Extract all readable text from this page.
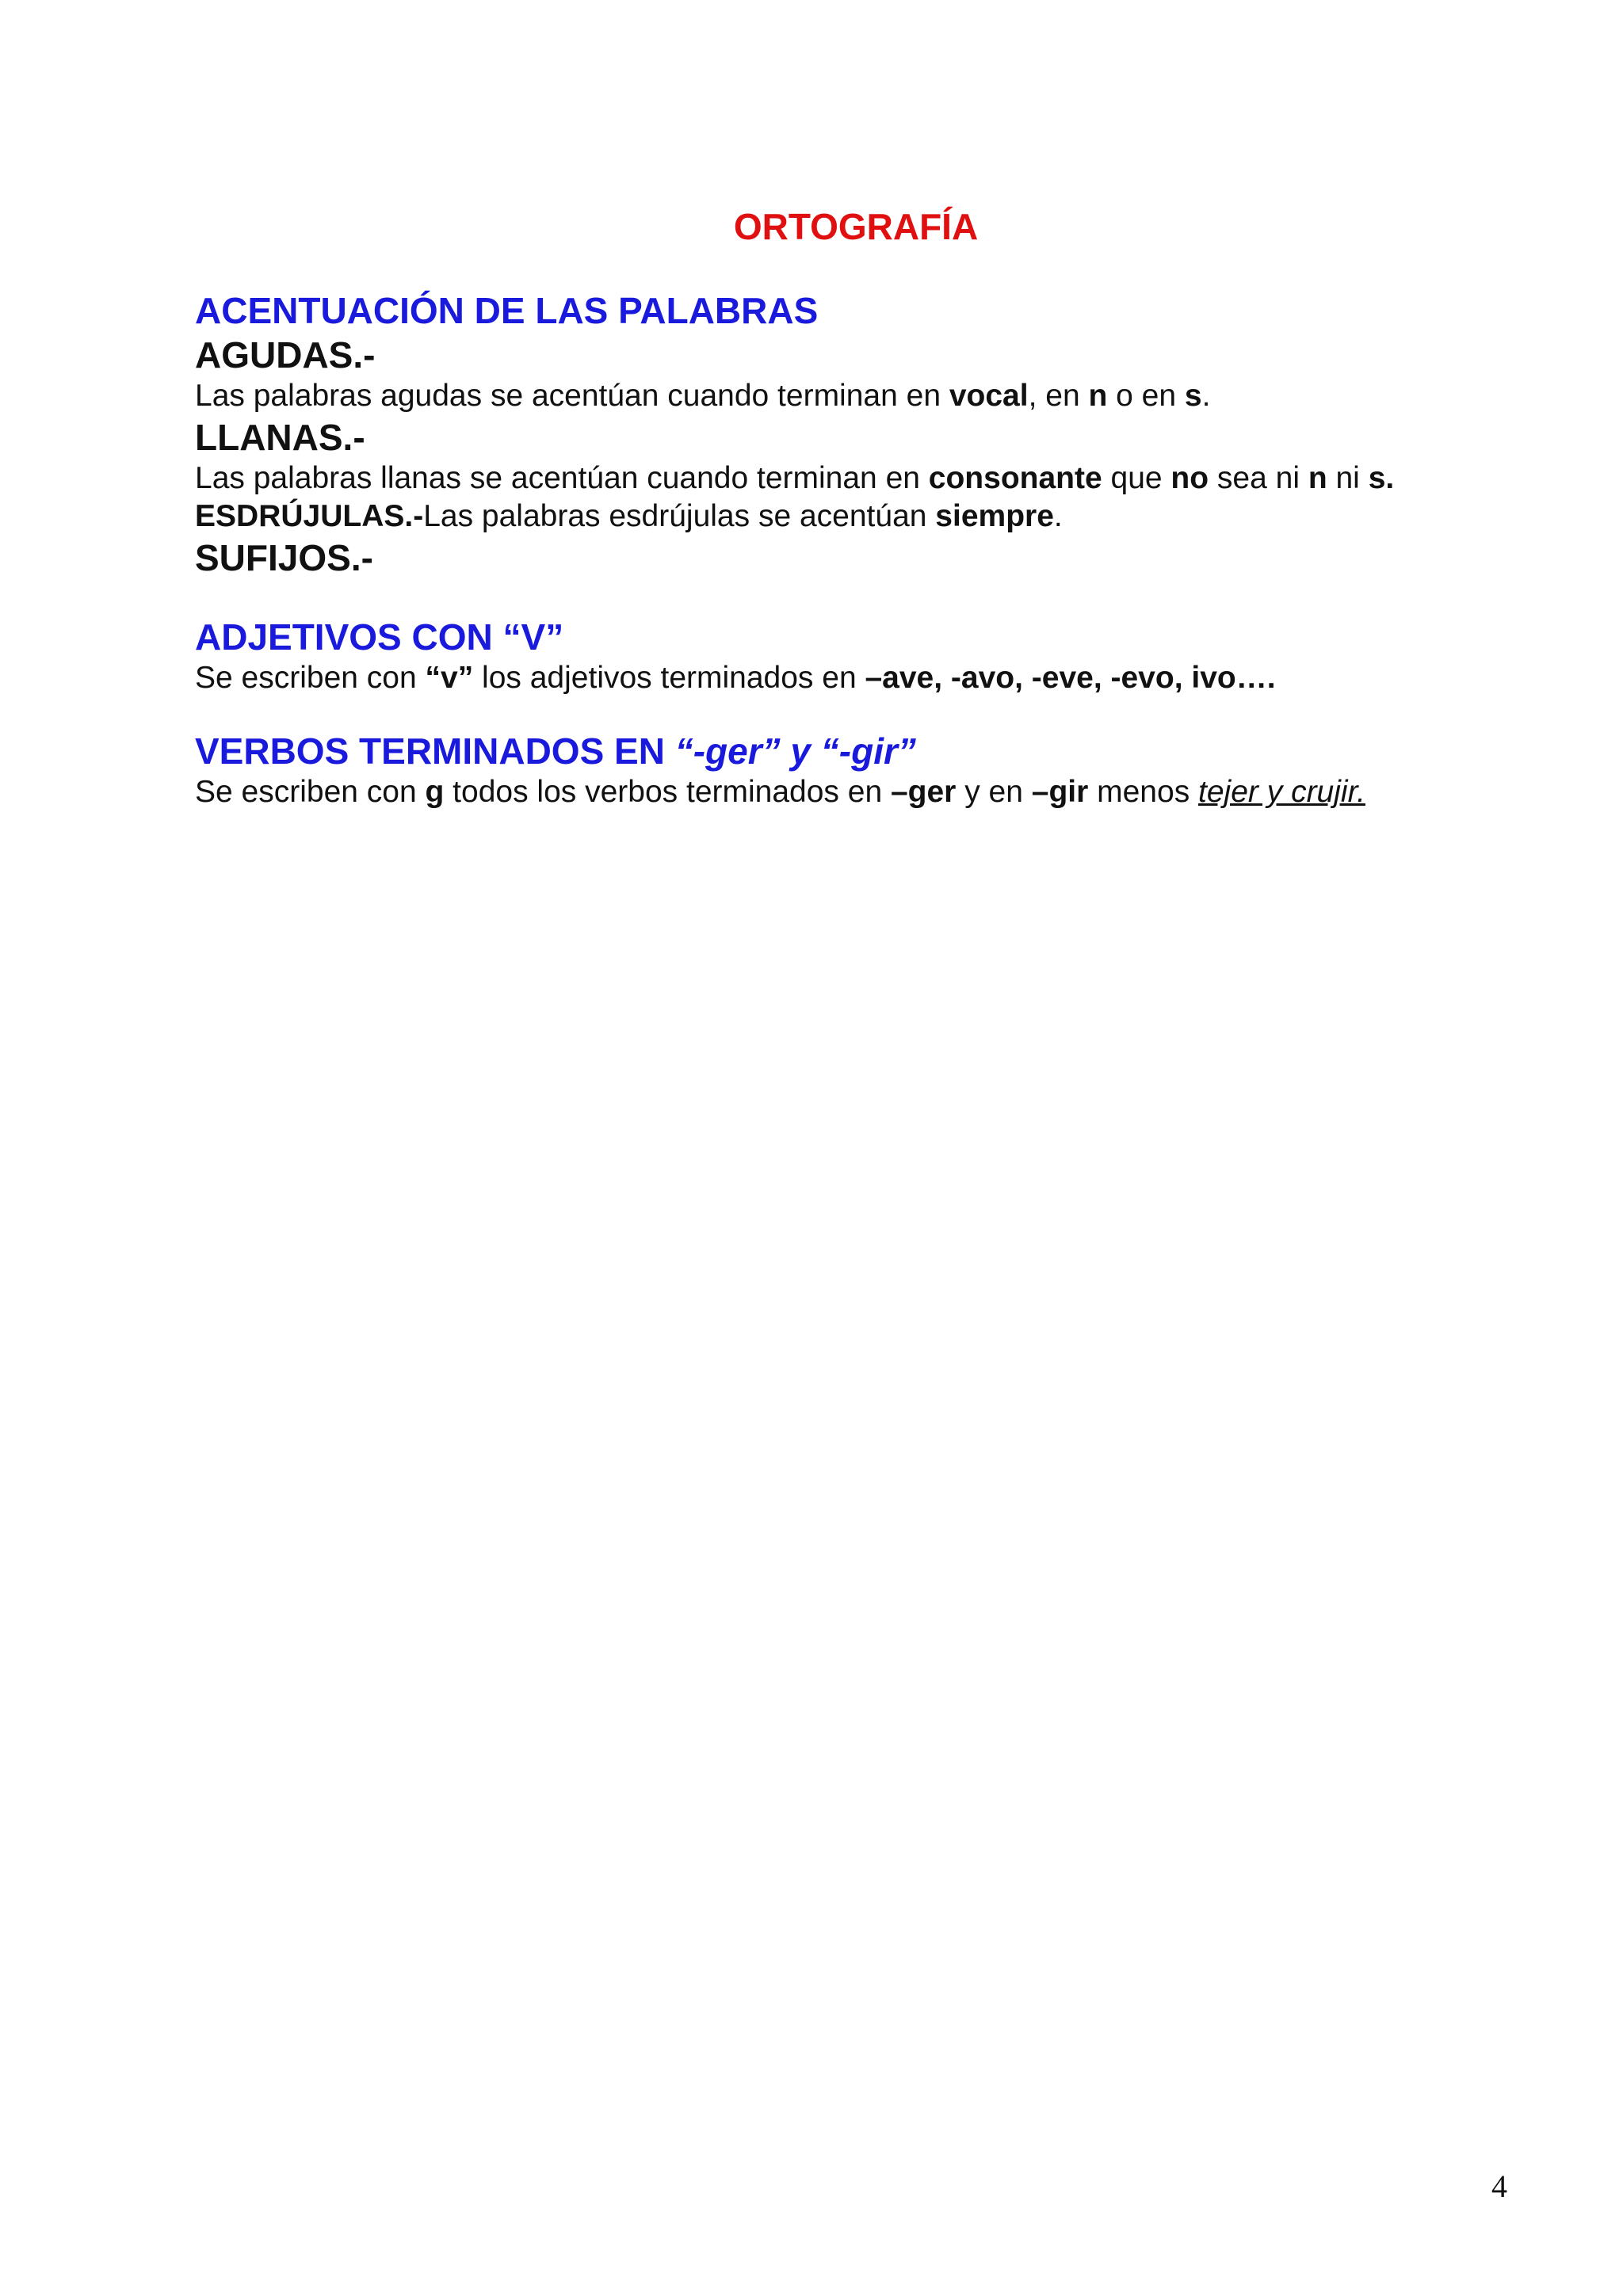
ORTOGRAFÍA
ACENTUACIÓN DE LAS PALABRAS
AGUDAS.-
Las palabras agudas se acentúan cuando terminan en vocal, en n o en s.
LLANAS.-
Las palabras llanas se acentúan cuando terminan en consonante que no sea ni n ni s.
ESDRÚJULAS.-Las palabras esdrújulas se acentúan siempre.
SUFIJOS.-
ADJETIVOS CON “V”
Se escriben con “v” los adjetivos terminados en –ave, -avo, -eve, -evo, ivo….
VERBOS TERMINADOS EN “-ger” y “-gir”
Se escriben con g todos los verbos terminados en –ger y en –gir menos tejer y crujir.
4
